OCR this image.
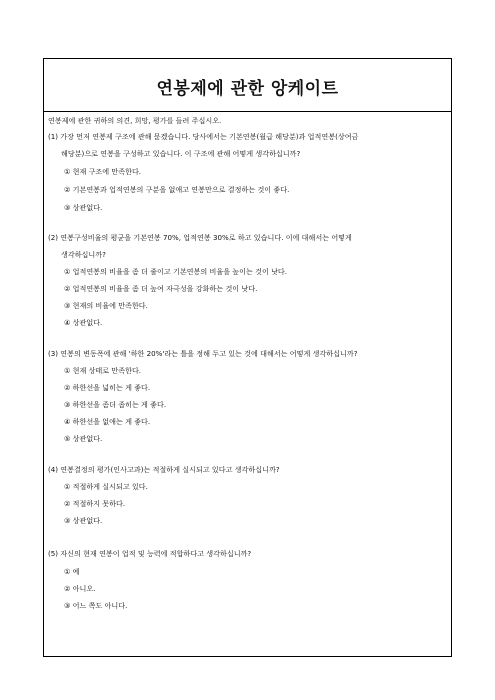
연봉제에 관한 앙케이트
연봉제에 관한 귀하의 의견, 희망, 평가를 들려 주십시오.
(1) 가장 먼저 연봉제 구조에 관해 묻겠습니다. 당사에서는 기본연봉(월급 해당분)과 업적연봉(상여금
해당분)으로 연봉을 구성하고 있습니다. 이 구조에 관해 어떻게 생각하십니까?
① 현재 구조에 만족한다.
② 기본연봉과 업적연봉의 구분을 없애고 연봉만으로 결정하는 것이 좋다.
③ 상관없다.
(2) 연봉구성비율의 평균을 기본연봉 70%, 업적연봉 30%로 하고 있습니다. 이에 대해서는 어떻게
생각하십니까?
① 업적연봉의 비율을 좀 더 줄이고 기본연봉의 비율을 높이는 것이 낫다.
② 업적연봉의 비율을 좀 더 높여 자극성을 강화하는 것이 낫다.
③ 현재의 비율에 만족한다.
④ 상관없다.
(3) 연봉의 변동폭에 관해 '하한 20%'라는 틀을 정해 두고 있는 것에 대해서는 어떻게 생각하십니까?
① 현재 상태로 만족한다.
② 하한선을 넓히는 게 좋다.
③ 하한선을 좀더 좁히는 게 좋다.
④ 하한선을 없애는 게 좋다.
⑤ 상관없다.
(4) 연봉결정의 평가(인사고과)는 적절하게 실시되고 있다고 생각하십니까?
① 적절하게 실시되고 있다.
② 적절하지 못하다.
③ 상관없다.
(5) 자신의 현재 연봉이 업적 및 능력에 적합하다고 생각하십니까?
① 예
② 아니오.
③ 어느 쪽도 아니다.
